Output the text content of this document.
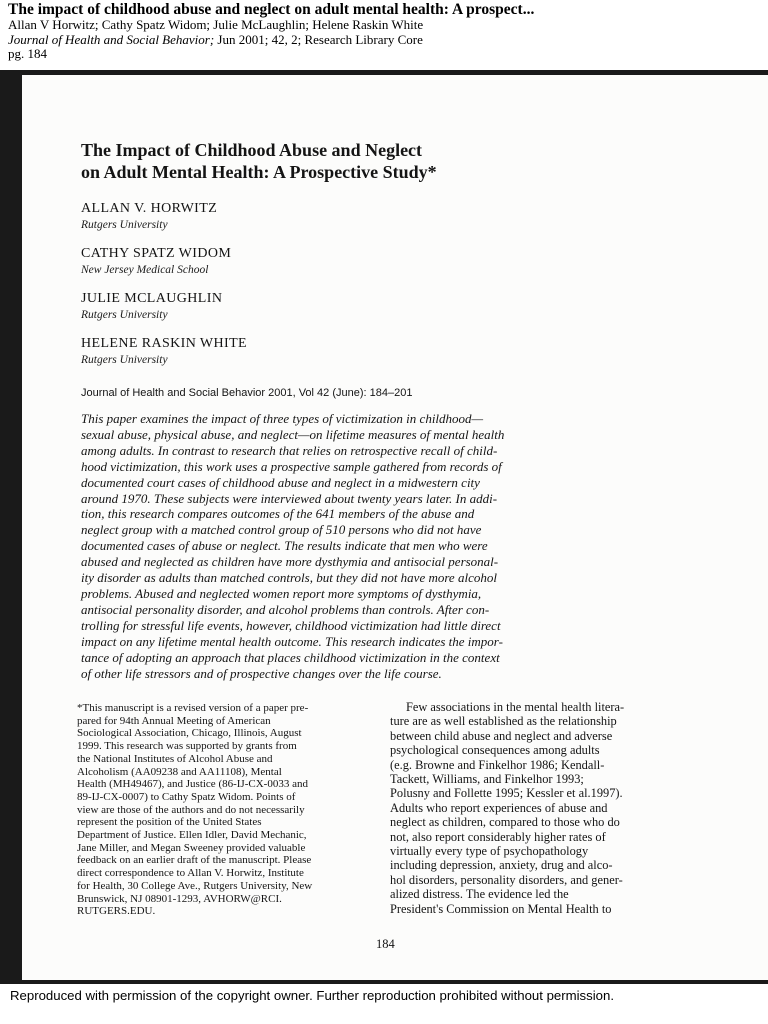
The impact of childhood abuse and neglect on adult mental health: A prospect...
Allan V Horwitz; Cathy Spatz Widom; Julie McLaughlin; Helene Raskin White
Journal of Health and Social Behavior; Jun 2001; 42, 2; Research Library Core
pg. 184
The Impact of Childhood Abuse and Neglect
on Adult Mental Health: A Prospective Study*
ALLAN V. HORWITZ
Rutgers University
CATHY SPATZ WIDOM
New Jersey Medical School
JULIE MCLAUGHLIN
Rutgers University
HELENE RASKIN WHITE
Rutgers University
Journal of Health and Social Behavior 2001, Vol 42 (June): 184–201
This paper examines the impact of three types of victimization in childhood—
sexual abuse, physical abuse, and neglect—on lifetime measures of mental health
among adults. In contrast to research that relies on retrospective recall of child-
hood victimization, this work uses a prospective sample gathered from records of
documented court cases of childhood abuse and neglect in a midwestern city
around 1970. These subjects were interviewed about twenty years later. In addi-
tion, this research compares outcomes of the 641 members of the abuse and
neglect group with a matched control group of 510 persons who did not have
documented cases of abuse or neglect. The results indicate that men who were
abused and neglected as children have more dysthymia and antisocial personal-
ity disorder as adults than matched controls, but they did not have more alcohol
problems. Abused and neglected women report more symptoms of dysthymia,
antisocial personality disorder, and alcohol problems than controls. After con-
trolling for stressful life events, however, childhood victimization had little direct
impact on any lifetime mental health outcome. This research indicates the impor-
tance of adopting an approach that places childhood victimization in the context
of other life stressors and of prospective changes over the life course.
*This manuscript is a revised version of a paper pre-
pared for 94th Annual Meeting of American
Sociological Association, Chicago, Illinois, August
1999. This research was supported by grants from
the National Institutes of Alcohol Abuse and
Alcoholism (AA09238 and AA11108), Mental
Health (MH49467), and Justice (86-IJ-CX-0033 and
89-IJ-CX-0007) to Cathy Spatz Widom. Points of
view are those of the authors and do not necessarily
represent the position of the United States
Department of Justice. Ellen Idler, David Mechanic,
Jane Miller, and Megan Sweeney provided valuable
feedback on an earlier draft of the manuscript. Please
direct correspondence to Allan V. Horwitz, Institute
for Health, 30 College Ave., Rutgers University, New
Brunswick, NJ 08901-1293, AVHORW@RCI.
RUTGERS.EDU.
Few associations in the mental health litera-
ture are as well established as the relationship
between child abuse and neglect and adverse
psychological consequences among adults
(e.g. Browne and Finkelhor 1986; Kendall-
Tackett, Williams, and Finkelhor 1993;
Polusny and Follette 1995; Kessler et al.1997).
Adults who report experiences of abuse and
neglect as children, compared to those who do
not, also report considerably higher rates of
virtually every type of psychopathology
including depression, anxiety, drug and alco-
hol disorders, personality disorders, and gener-
alized distress. The evidence led the
President's Commission on Mental Health to
184
Reproduced with permission of the copyright owner. Further reproduction prohibited without permission.
